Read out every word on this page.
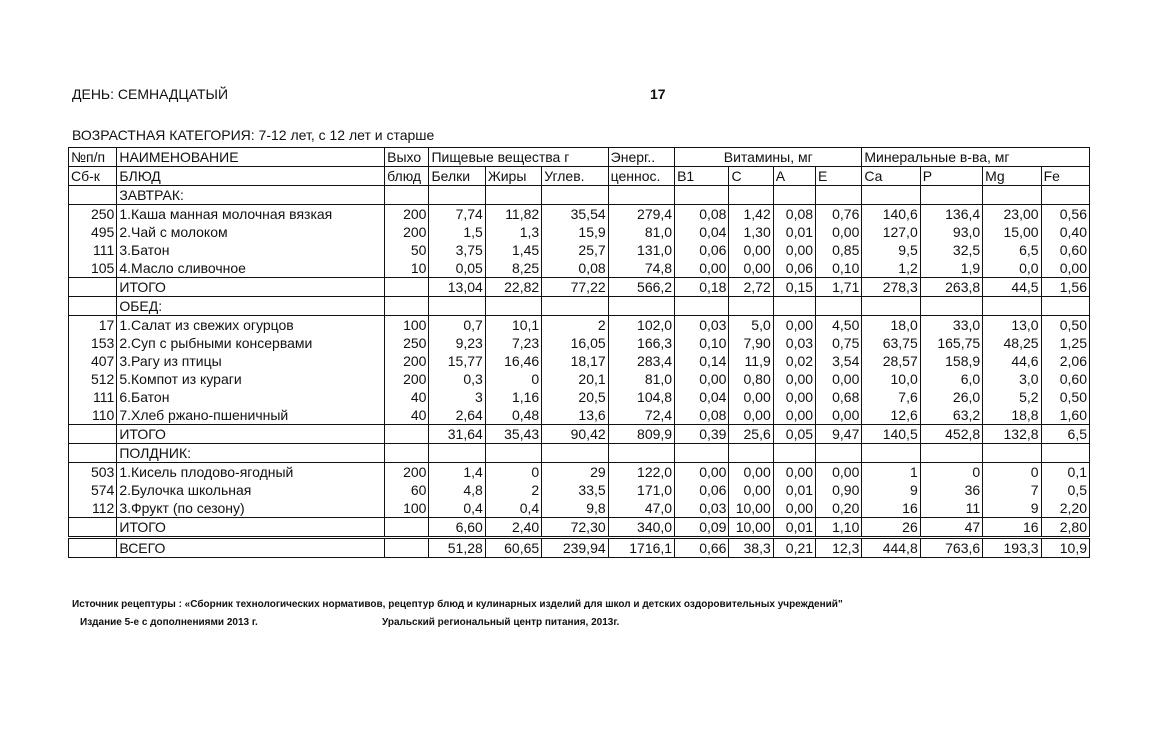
ДЕНЬ: СЕМНАДЦАТЫЙ	17
ВОЗРАСТНАЯ КАТЕГОРИЯ: 7-12 лет, с 12 лет и старше
№п/п	НАИМЕНОВАНИЕ	Выхо	Пищевые вещества г			Энерг..	Витамины, мг				Минеральные в-ва, мг			
Сб-к	БЛЮД	блюд	Белки	Жиры	Углев.	ценнос.	В1	С	А	Е	Са	Р	Mg	Fe
	ЗАВТРАК:													
250	1.Каша манная молочная вязкая	200	7,74	11,82	35,54	279,4	0,08	1,42	0,08	0,76	140,6	136,4	23,00	0,56
495	2.Чай с молоком	200	1,5	1,3	15,9	81,0	0,04	1,30	0,01	0,00	127,0	93,0	15,00	0,40
111	3.Батон	50	3,75	1,45	25,7	131,0	0,06	0,00	0,00	0,85	9,5	32,5	6,5	0,60
105	4.Масло сливочное	10	0,05	8,25	0,08	74,8	0,00	0,00	0,06	0,10	1,2	1,9	0,0	0,00
	ИТОГО		13,04	22,82	77,22	566,2	0,18	2,72	0,15	1,71	278,3	263,8	44,5	1,56
	ОБЕД:													
17	1.Салат из свежих огурцов	100	0,7	10,1	2	102,0	0,03	5,0	0,00	4,50	18,0	33,0	13,0	0,50
153	2.Суп с рыбными консервами	250	9,23	7,23	16,05	166,3	0,10	7,90	0,03	0,75	63,75	165,75	48,25	1,25
407	3.Рагу из птицы	200	15,77	16,46	18,17	283,4	0,14	11,9	0,02	3,54	28,57	158,9	44,6	2,06
512	5.Компот из кураги	200	0,3	0	20,1	81,0	0,00	0,80	0,00	0,00	10,0	6,0	3,0	0,60
111	6.Батон	40	3	1,16	20,5	104,8	0,04	0,00	0,00	0,68	7,6	26,0	5,2	0,50
110	7.Хлеб ржано-пшеничный	40	2,64	0,48	13,6	72,4	0,08	0,00	0,00	0,00	12,6	63,2	18,8	1,60
	ИТОГО		31,64	35,43	90,42	809,9	0,39	25,6	0,05	9,47	140,5	452,8	132,8	6,5
	ПОЛДНИК:													
503	1.Кисель плодово-ягодный	200	1,4	0	29	122,0	0,00	0,00	0,00	0,00	1	0	0	0,1
574	2.Булочка школьная	60	4,8	2	33,5	171,0	0,06	0,00	0,01	0,90	9	36	7	0,5
112	3.Фрукт (по сезону)	100	0,4	0,4	9,8	47,0	0,03	10,00	0,00	0,20	16	11	9	2,20
	ИТОГО		6,60	2,40	72,30	340,0	0,09	10,00	0,01	1,10	26	47	16	2,80
	ВСЕГО		51,28	60,65	239,94	1716,1	0,66	38,3	0,21	12,3	444,8	763,6	193,3	10,9
Источник рецептуры : «Сборник технологических нормативов, рецептур блюд и кулинарных изделий для школ и детских оздоровительных учреждений"
Издание 5-е с дополнениями 2013 г.	Уральский региональный центр питания, 2013г.
